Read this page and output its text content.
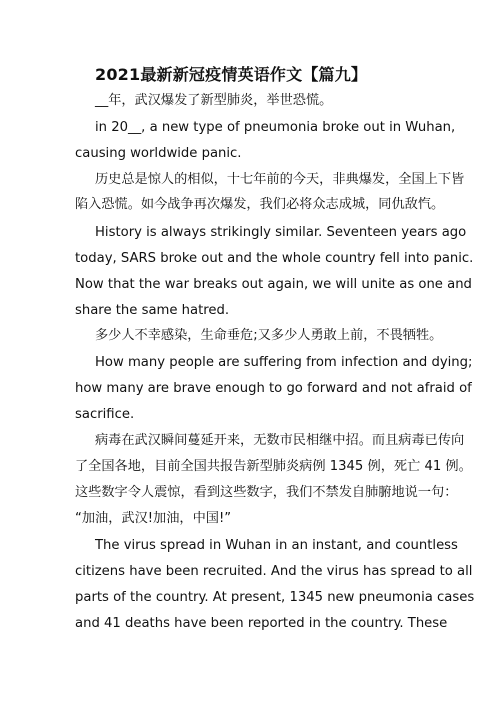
2021最新新冠疫情英语作文【篇九】
__年，武汉爆发了新型肺炎，举世恐慌。
in 20__, a new type of pneumonia broke out in Wuhan,
causing worldwide panic.
历史总是惊人的相似，十七年前的今天，非典爆发，全国上下皆
陷入恐慌。如今战争再次爆发，我们必将众志成城，同仇敌忾。
History is always strikingly similar. Seventeen years ago
today, SARS broke out and the whole country fell into panic.
Now that the war breaks out again, we will unite as one and
share the same hatred.
多少人不幸感染，生命垂危;又多少人勇敢上前，不畏牺牲。
How many people are suffering from infection and dying;
how many are brave enough to go forward and not afraid of
sacrifice.
病毒在武汉瞬间蔓延开来，无数市民相继中招。而且病毒已传向
了全国各地，目前全国共报告新型肺炎病例 1345 例，死亡 41 例。
这些数字令人震惊，看到这些数字，我们不禁发自肺腑地说一句：
“加油，武汉!加油，中国!”
The virus spread in Wuhan in an instant, and countless
citizens have been recruited. And the virus has spread to all
parts of the country. At present, 1345 new pneumonia cases
and 41 deaths have been reported in the country. These
